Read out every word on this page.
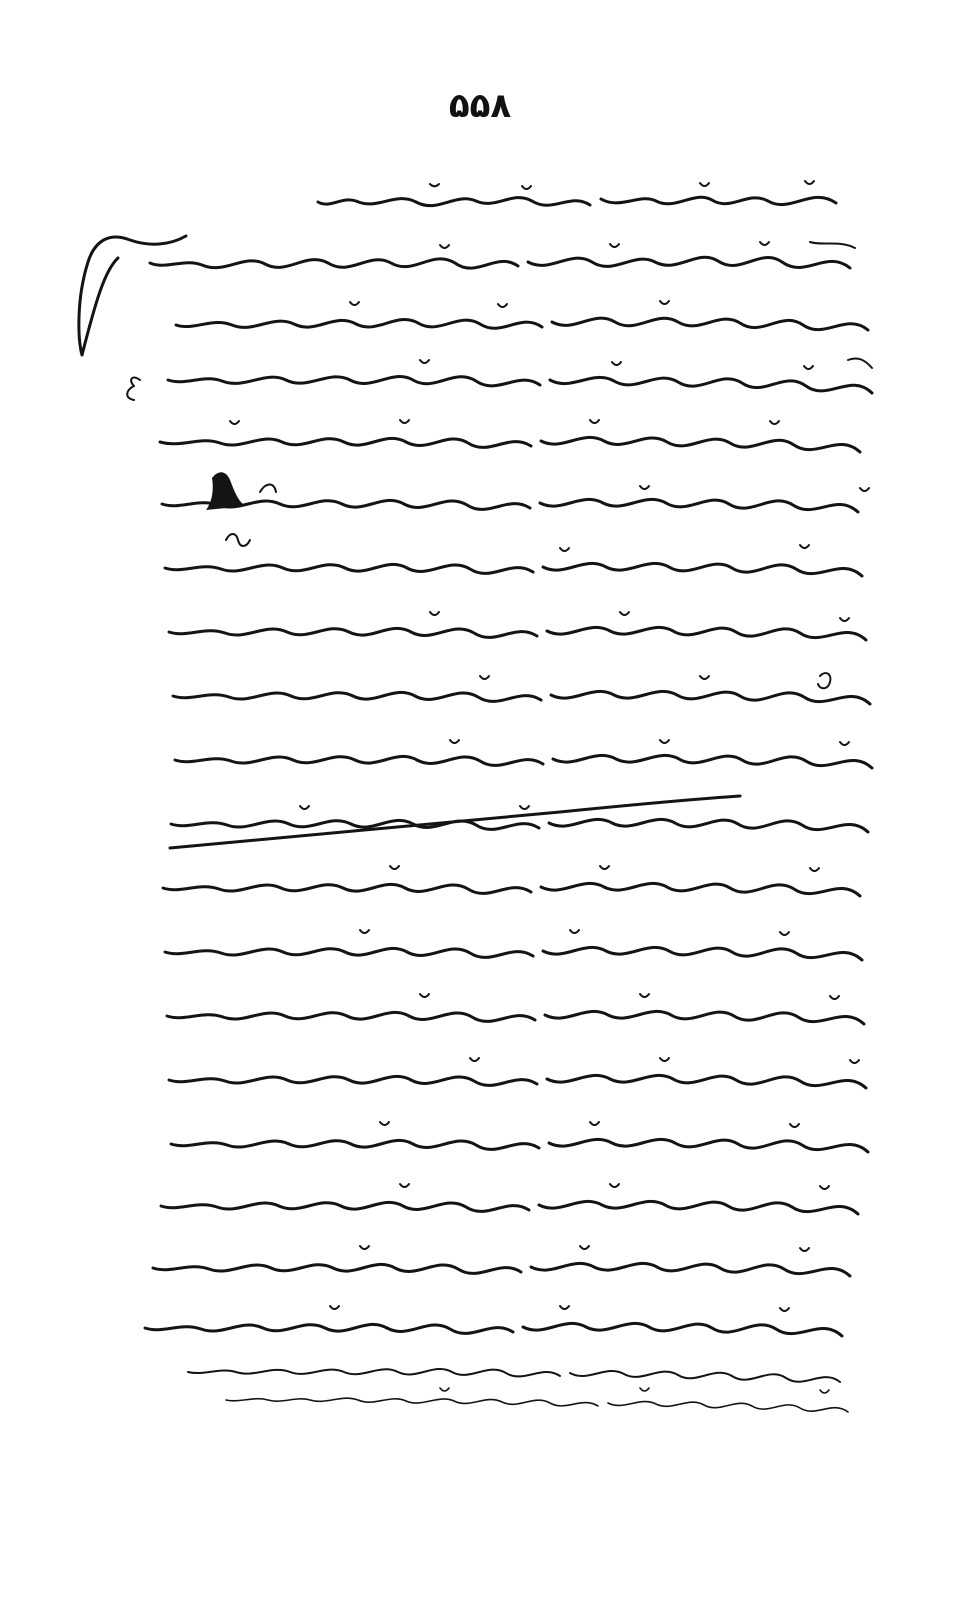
۵۵۸
